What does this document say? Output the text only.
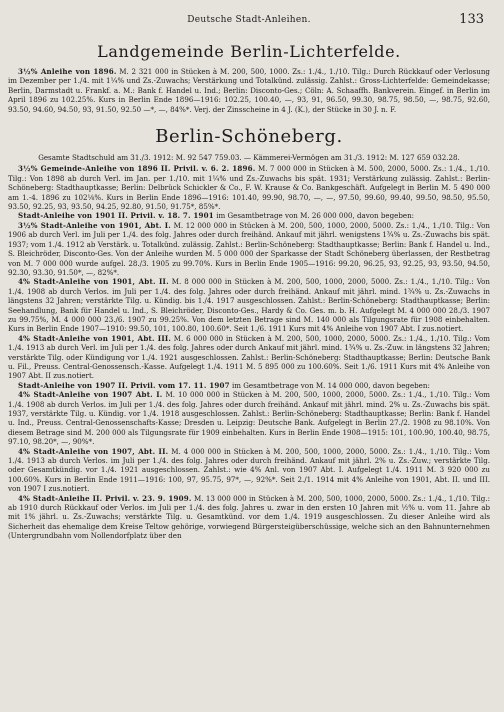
Deutsche Stadt-Anleihen.	133
Landgemeinde Berlin-Lichterfelde.

3½% Anleihe von 1896. M. 2 321 000 in Stücken à M. 200, 500, 1000. Zs.: 1./4., 1./10. Tilg.: Durch Rückkauf oder Verlosung im Dezember per 1./4. mit 1¼% und Zs.-Zuwachs; Verstärkung und Totalkünd. zulässig. Zahlst.: Gross-Lichterfelde: Gemeindekasse; Berlin, Darmstadt u. Frankf. a. M.: Bank f. Handel u. Ind.; Berlin: Disconto-Ges.; Cöln: A. Schaaffh. Bankverein. Eingef. in Berlin im April 1896 zu 102.25%. Kurs in Berlin Ende 1896—1916: 102.25, 100.40, —, 93, 91, 96.50, 99.30, 98.75, 98.50, —, 98.75, 92.60, 93.50, 94.60, 94.50, 93, 91.50, 92.50 —*, —, 84%*. Verj. der Zinsscheine in 4 J. (K.), der Stücke in 30 J. n. F.

Berlin-Schöneberg.

Gesamte Stadtschuld am 31./3. 1912: M. 92 547 759.03. — Kämmerei-Vermögen am 31./3. 1912: M. 127 659 032.28.

3½% Gemeinde-Anleihe von 1896 II. Privil. v. 6. 2. 1896. M. 7 000 000 in Stücken à M. 500, 2000, 5000. Zs.: 1./4., 1./10. Tilg.: Von 1898 ab durch Verl. im Jan. per 1./10. mit 1¼% und Zs.-Zuwachs bis spät. 1931; Verstärkung zulässig. Zahlst.: Berlin-Schöneberg: Stadthauptkasse; Berlin: Delbrück Schickler & Co., F. W. Krause & Co. Bankgeschäft. Aufgelegt in Berlin M. 5 490 000 am 1.-4. 1896 zu 102⅛%. Kurs in Berlin Ende 1896—1916: 101.40, 99.90, 98.70, —, —, 97.50, 99.60, 99.40, 99.50, 98.50, 95.50, 93.50, 92.25, 93, 93.50, 94.25, 92.80, 91.50, 91.75*, 85%*.

Stadt-Anleihe von 1901 II. Privil. v. 18. 7. 1901 im Gesamtbetrage von M. 26 000 000, davon begeben:

3½% Stadt-Anleihe von 1901, Abt. I. M. 12 000 000 in Stücken à M. 200, 500, 1000, 2000, 5000. Zs.: 1./4., 1./10. Tilg.: Von 1906 ab durch Verl. im Juli per 1./4. des folg. Jahres oder durch freihänd. Ankauf mit jährl. wenigstens 1¾% u. Zs.-Zuwachs bis spät. 1937; vom 1./4. 1912 ab Verstärk. u. Totalkünd. zulässig. Zahlst.: Berlin-Schöneberg: Stadthauptkasse; Berlin: Bank f. Handel u. Ind., S. Bleichröder, Disconto-Ges. Von der Anleihe wurden M. 5 000 000 der Sparkasse der Stadt Schöneberg überlassen, der Restbetrag von M. 7 000 000 wurde aufgel. 28./3. 1905 zu 99.70%. Kurs in Berlin Ende 1905—1916: 99.20, 96.25, 93, 92.25, 93, 93.50, 94.50, 92.30, 93.30, 91.50*, —, 82%*.

4% Stadt-Anleihe von 1901, Abt. II. M. 8 000 000 in Stücken à M. 200, 500, 1000, 2000, 5000. Zs.: 1./4., 1./10. Tilg.: Von 1./4. 1908 ab durch Verlos. im Juli per 1./4. des folg. Jahres oder durch freihänd. Ankauf mit jährl. mind. 1¾% u. Zs.-Zuwachs in längstens 32 Jahren; verstärkte Tilg. u. Kündig. bis 1./4. 1917 ausgeschlossen. Zahlst.: Berlin-Schöneberg: Stadthauptkasse; Berlin: Seehandlung, Bank für Handel u. Ind., S. Bleichröder, Disconto-Ges., Hardy & Co. Ges. m. b. H. Aufgelegt M. 4 000 000 28./3. 1907 zu 99.75%, M. 4 000 000 23./6. 1907 zu 99.25%. Von dem letzten Betrage sind M. 140 000 als Tilgungsrate für 1908 einbehalten. Kurs in Berlin Ende 1907—1910: 99.50, 101, 100.80, 100.60*. Seit 1./6. 1911 Kurs mit 4% Anleihe von 1907 Abt. I zus.notiert.

4% Stadt-Anleihe von 1901, Abt. III. M. 6 000 000 in Stücken à M. 200, 500, 1000, 2000, 5000. Zs.: 1./4., 1./10. Tilg.: Vom 1./4. 1913 ab durch Verl. im Juli per 1./4. des folg. Jahres oder durch Ankauf mit jährl. mind. 1¾% u. Zs.-Zuw. in längstens 32 Jahren; verstärkte Tilg. oder Kündigung vor 1./4. 1921 ausgeschlossen. Zahlst.: Berlin-Schöneberg: Stadthauptkasse; Berlin: Deutsche Bank u. Fil., Preuss. Central-Genossensch.-Kasse. Aufgelegt 1./4. 1911 M. 5 895 000 zu 100.60%. Seit 1./6. 1911 Kurs mit 4% Anleihe von 1907 Abt. II zus.notiert.

Stadt-Anleihe von 1907 II. Privil. vom 17. 11. 1907 im Gesamtbetrage von M. 14 000 000, davon begeben:

4% Stadt-Anleihe von 1907 Abt. I. M. 10 000 000 in Stücken à M. 200, 500, 1000, 2000, 5000. Zs.: 1./4., 1./10. Tilg.: Vom 1./4. 1908 ab durch Verlos. im Juli per 1./4. des folg. Jahres oder durch freihänd. Ankauf mit jährl. mind. 2% u. Zs.-Zuwachs bis spät. 1937, verstärkte Tilg. u. Kündig. vor 1./4. 1918 ausgeschlossen. Zahlst.: Berlin-Schöneberg: Stadthauptkasse; Berlin: Bank f. Handel u. Ind., Preuss. Central-Genossenschafts-Kasse; Dresden u. Leipzig: Deutsche Bank. Aufgelegt in Berlin 27./2. 1908 zu 98.10%. Von diesem Betrage sind M. 200 000 als Tilgungsrate für 1909 einbehalten. Kurs in Berlin Ende 1908—1915: 101, 100.90, 100.40, 98.75, 97.10, 98.20*, —, 90%*.

4% Stadt-Anleihe von 1907, Abt. II. M. 4 000 000 in Stücken à M. 200, 500, 1000, 2000, 5000. Zs.: 1./4., 1./10. Tilg.: Vom 1./4. 1913 ab durch Verlos. im Juli per 1./4. des folg. Jahres oder durch freihänd. Ankauf mit jährl. 2% u. Zs.-Zuw.; verstärkte Tilg. oder Gesamtkündig. vor 1./4. 1921 ausgeschlossen. Zahlst.: wie 4% Anl. von 1907 Abt. I. Aufgelegt 1./4. 1911 M. 3 920 000 zu 100.60%. Kurs in Berlin Ende 1911—1916: 100, 97, 95.75, 97*, —, 92%*. Seit 2./1. 1914 mit 4% Anleihe von 1901, Abt. II. und III. von 1907 I zus.notiert.

4% Stadt-Anleihe II. Privil. v. 23. 9. 1909. M. 13 000 000 in Stücken à M. 200, 500, 1000, 2000, 5000. Zs.: 1./4., 1./10. Tilg.: ab 1910 durch Rückkauf oder Verlos. im Juli per 1./4. des folg. Jahres u. zwar in den ersten 10 Jahren mit ½% u. vom 11. Jahre ab mit 1% jährl. u. Zs.-Zuwachs; verstärkte Tilg. u. Gesamtkünd. vor dem 1./4. 1919 ausgeschlossen. Zu dieser Anleihe wird als Sicherheit das ehemalige dem Kreise Teltow gehörige, vorwiegend Bürgersteigüberschüssige, welche sich an den Bahnunternehmen (Untergrundbahn vom Nollendorfplatz über den
